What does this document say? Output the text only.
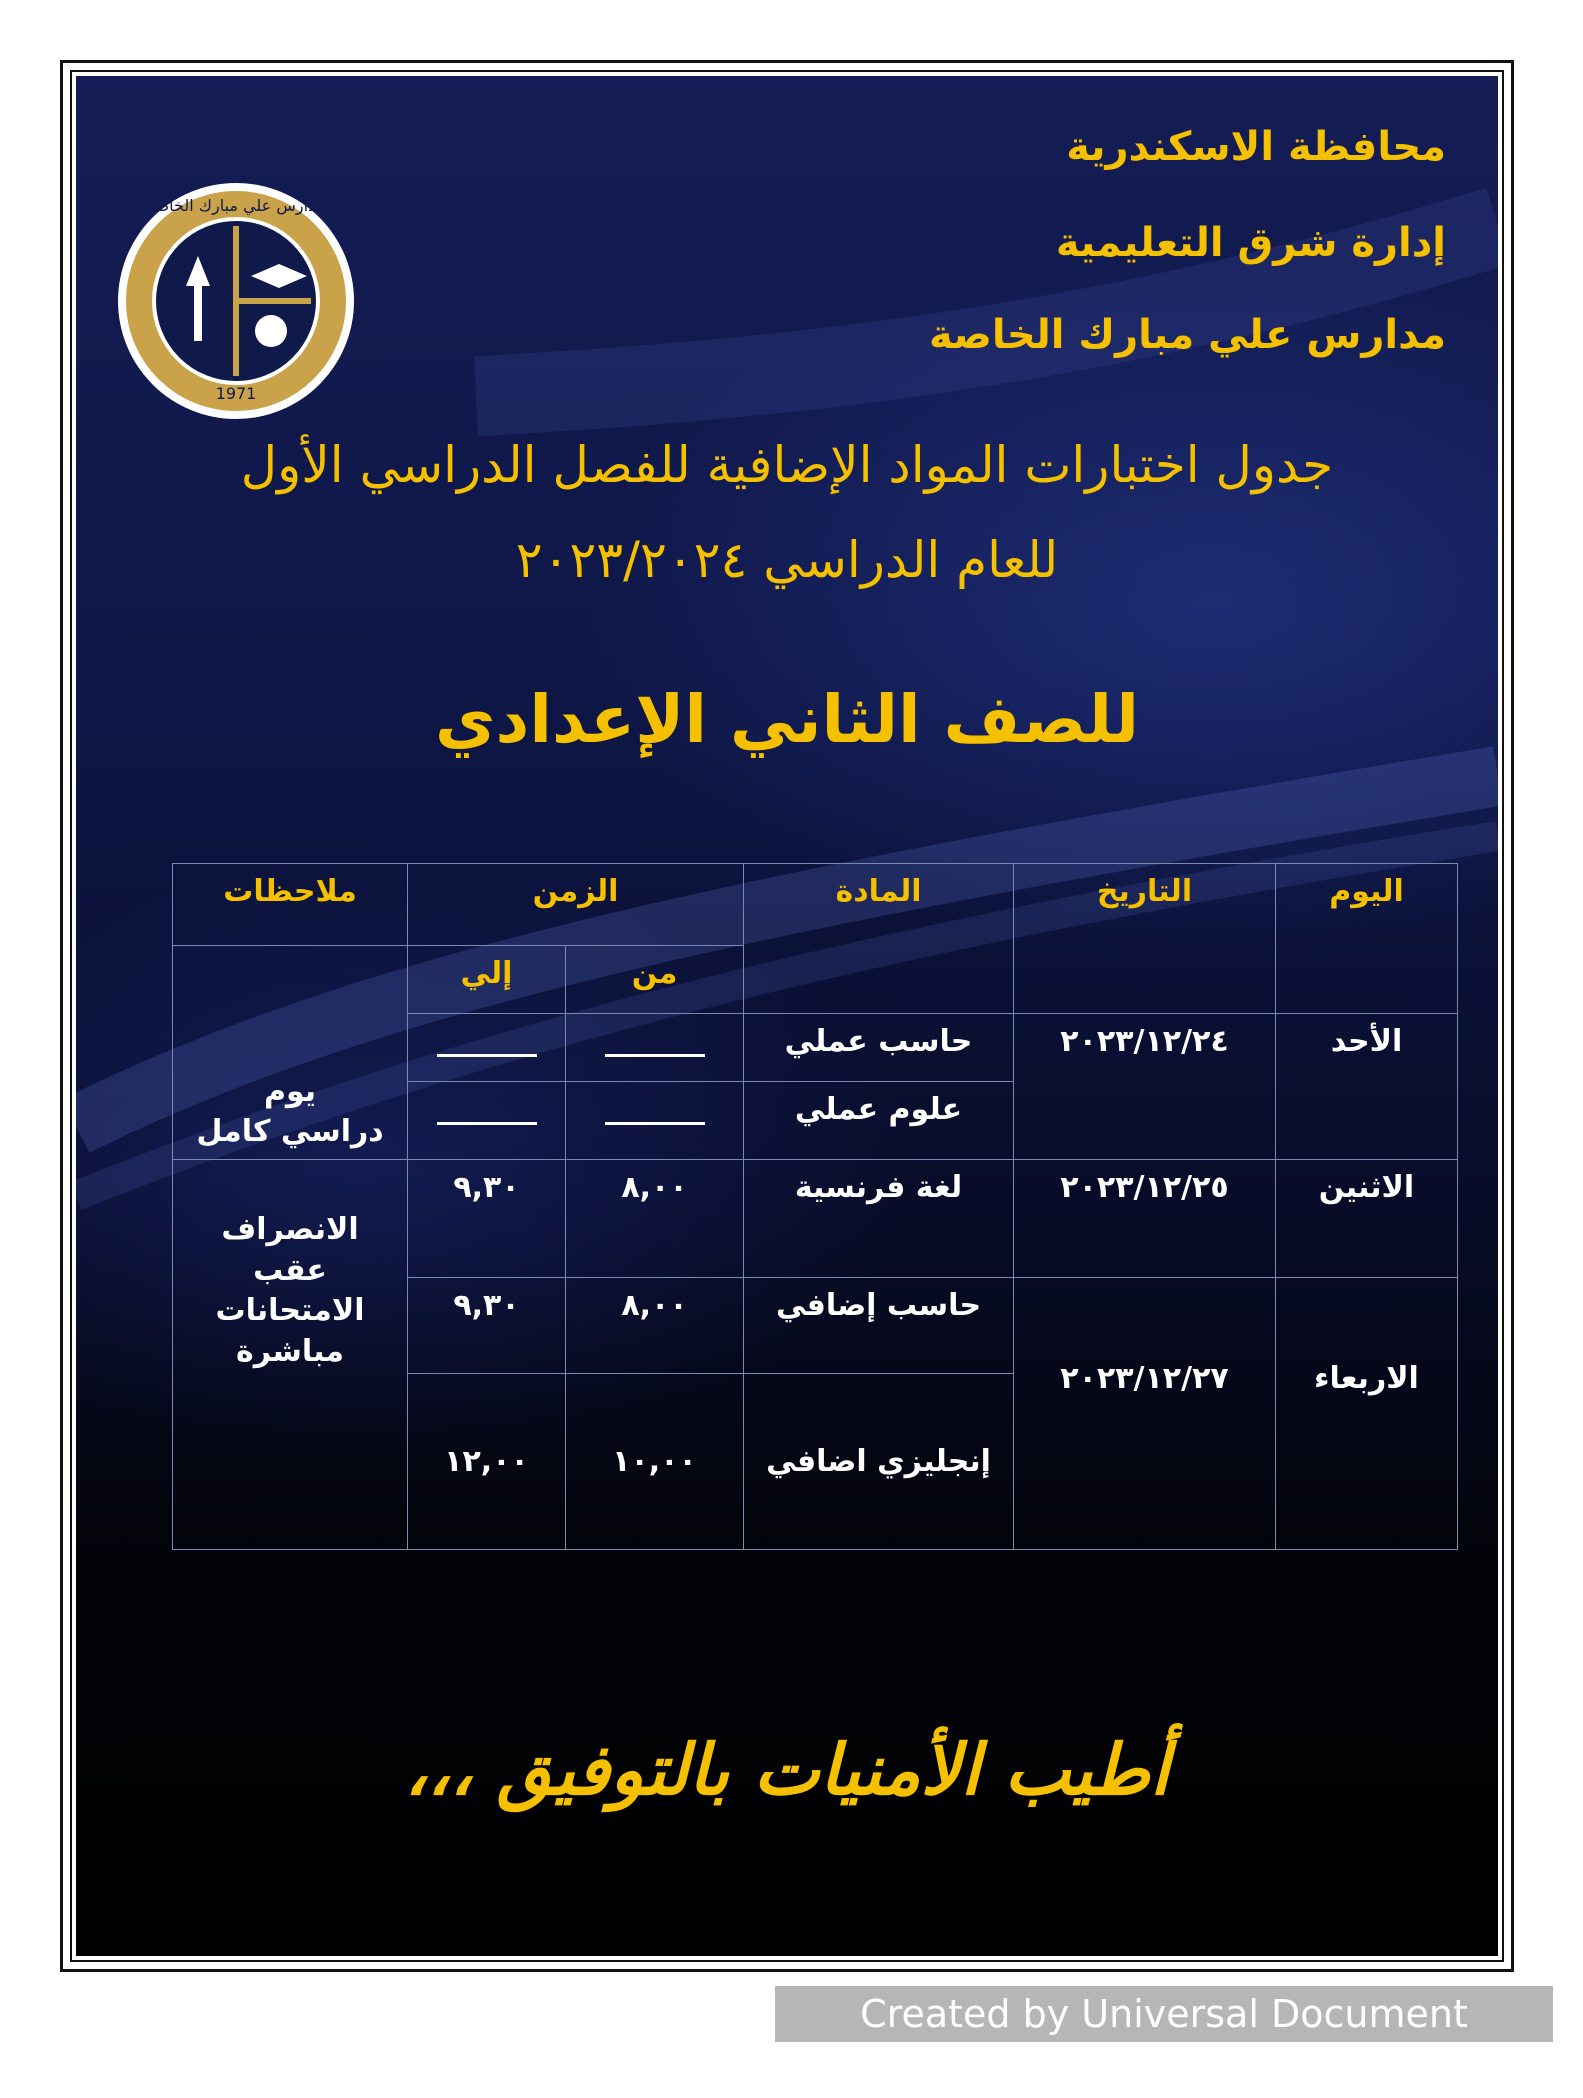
1971
مدارس علي مبارك الخاصة
محافظة الاسكندرية
إدارة شرق التعليمية
مدارس علي مبارك الخاصة
جدول اختبارات المواد الإضافية للفصل الدراسي الأول
للعام الدراسي ٢٠٢٣/٢٠٢٤
للصف الثاني الإعدادي
اليوم	التاريخ	المادة	الزمن		ملاحظات
			من	إلي	يوم
دراسي كامل

الأحد	٢٠٢٣/١٢/٢٤	حاسب عملي			
		علوم عملي			
الاثنين	٢٠٢٣/١٢/٢٥	لغة فرنسية	٨,٠٠	٩,٣٠	الانصراف
عقب
الامتحانات
مباشرة

الاربعاء	٢٠٢٣/١٢/٢٧	حاسب إضافي	٨,٠٠	٩,٣٠	
		إنجليزي اضافي	١٠,٠٠	١٢,٠٠	
أطيب الأمنيات بالتوفيق ،،،
Created by Universal Document Converter
